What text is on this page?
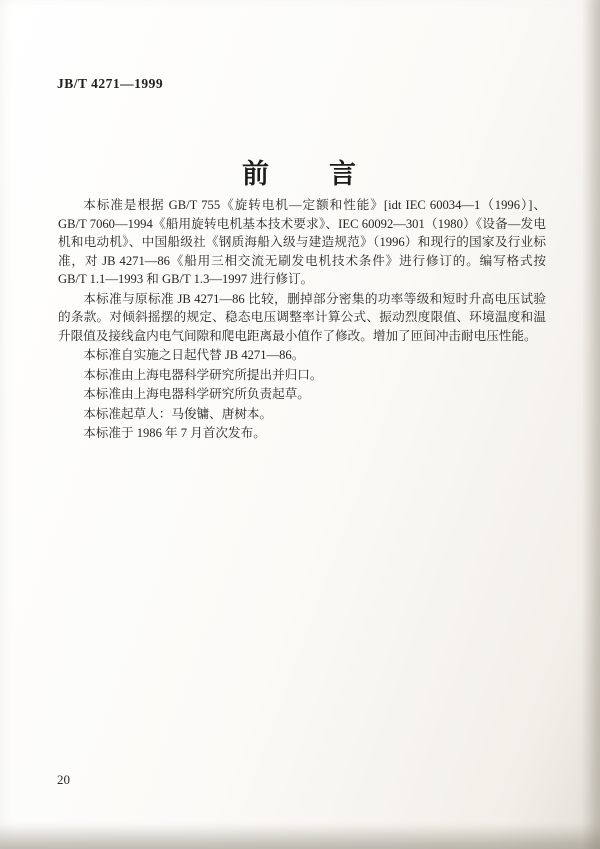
JB/T 4271—1999
前　　言

本标准是根据 GB/T 755《旋转电机—定额和性能》[idt IEC 60034—1（1996）]、GB/T 7060—1994《船用旋转电机基本技术要求》、IEC 60092—301（1980）《设备—发电机和电动机》、中国船级社《钢质海船入级与建造规范》（1996）和现行的国家及行业标准，对 JB 4271—86《船用三相交流无刷发电机技术条件》进行修订的。编写格式按 GB/T 1.1—1993 和 GB/T 1.3—1997 进行修订。

本标准与原标准 JB 4271—86 比较，删掉部分密集的功率等级和短时升高电压试验的条款。对倾斜摇摆的规定、稳态电压调整率计算公式、振动烈度限值、环境温度和温升限值及接线盒内电气间隙和爬电距离最小值作了修改。增加了匝间冲击耐电压性能。

本标准自实施之日起代替 JB 4271—86。

本标准由上海电器科学研究所提出并归口。

本标准由上海电器科学研究所负责起草。

本标准起草人：马俊镛、唐树本。

本标准于 1986 年 7 月首次发布。

20
